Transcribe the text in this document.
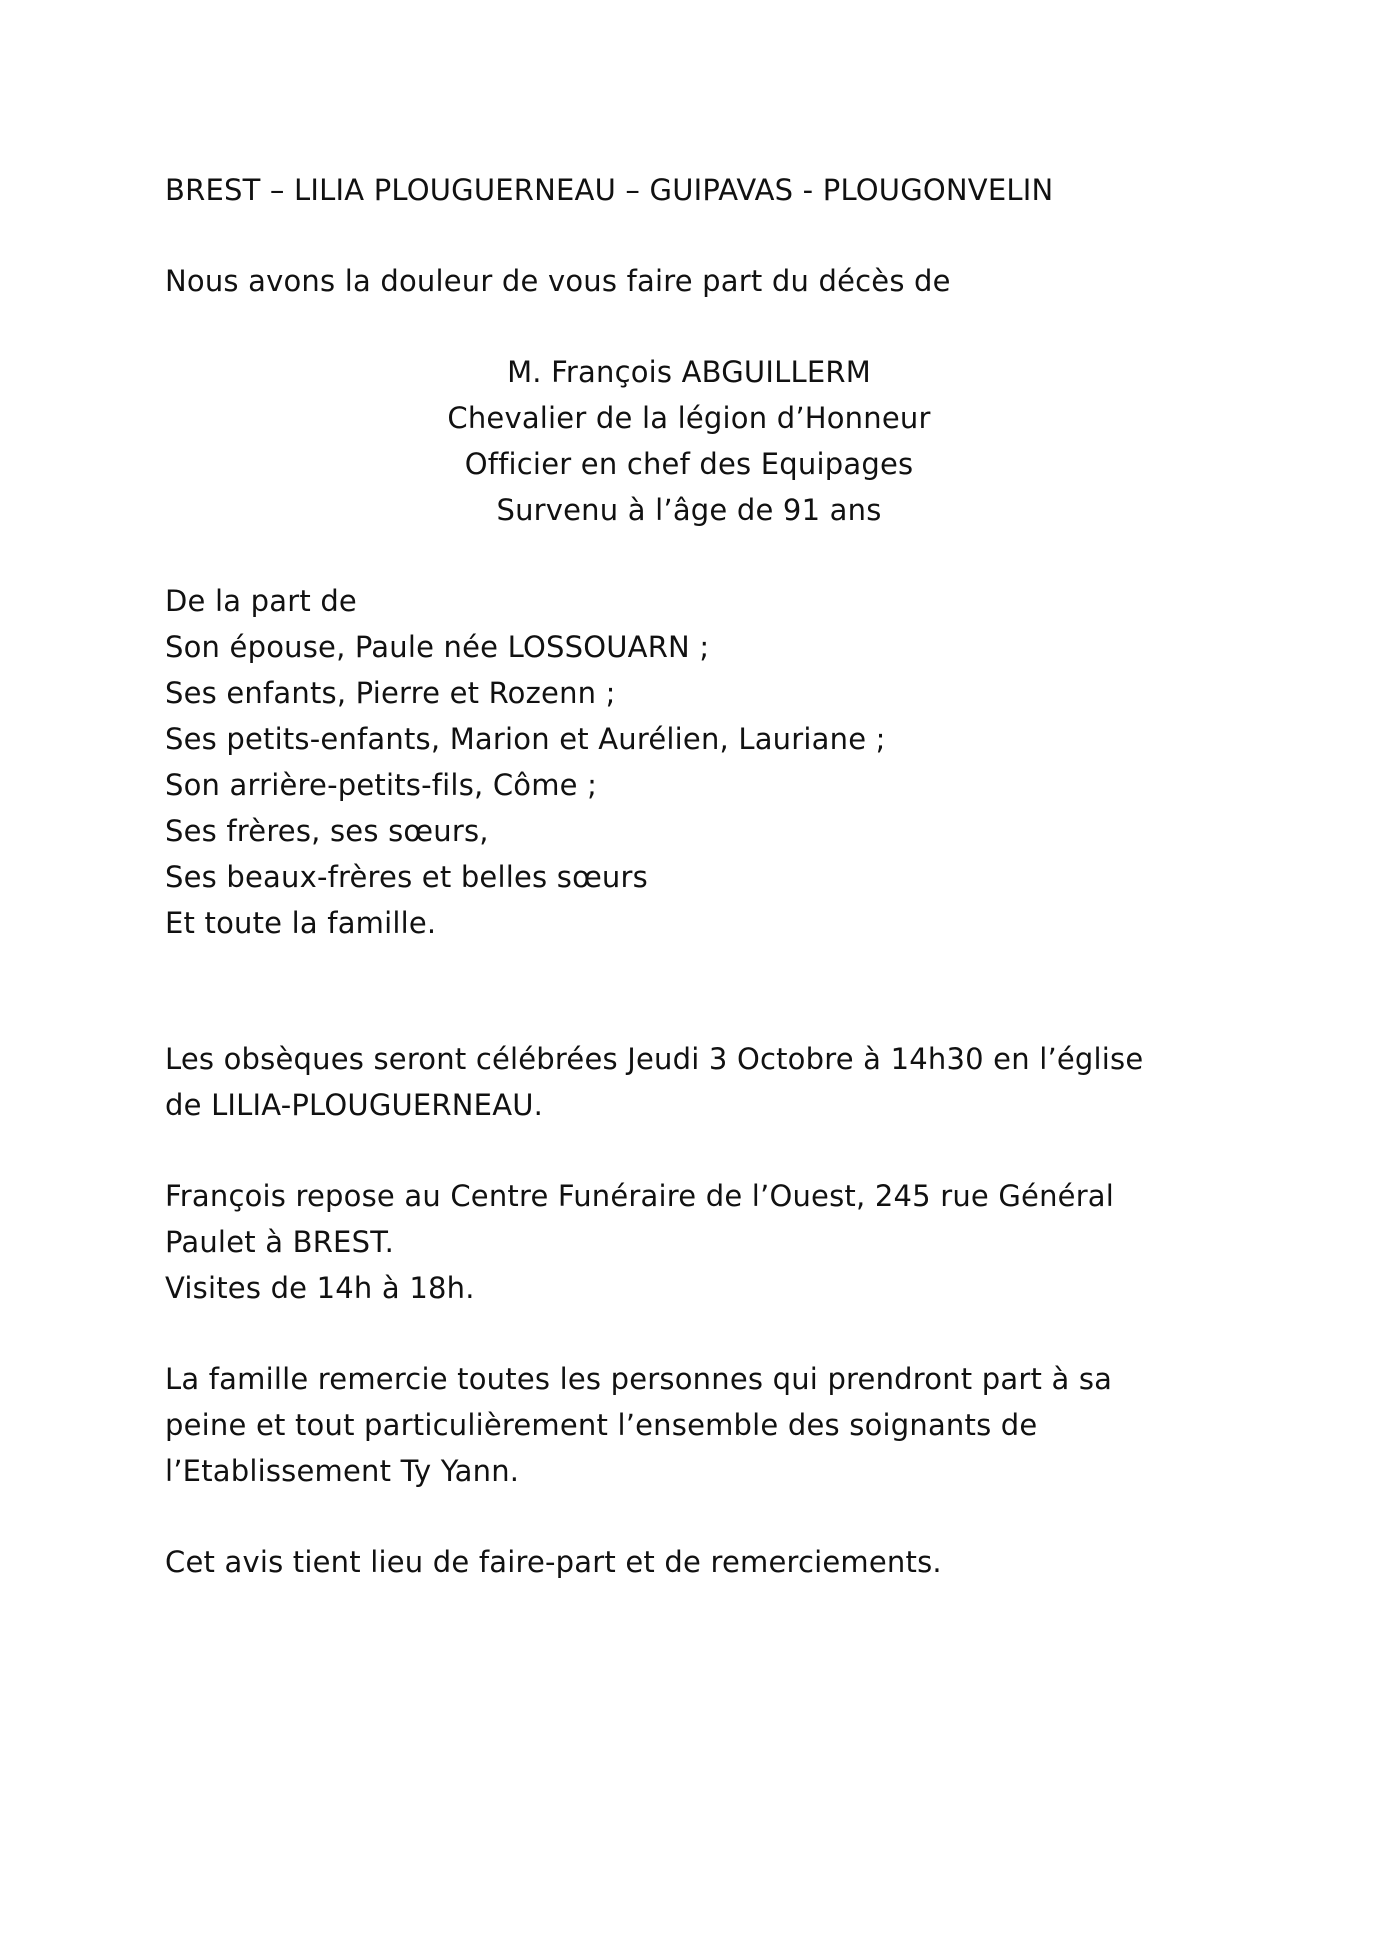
BREST – LILIA PLOUGUERNEAU – GUIPAVAS - PLOUGONVELIN
Nous avons la douleur de vous faire part du décès de
M. François ABGUILLERM
Chevalier de la légion d’Honneur
Officier en chef des Equipages
Survenu à l’âge de 91 ans
De la part de
Son épouse, Paule née LOSSOUARN ;
Ses enfants, Pierre et Rozenn ;
Ses petits-enfants, Marion et Aurélien, Lauriane ;
Son arrière-petits-fils, Côme ;
Ses frères, ses sœurs,
Ses beaux-frères et belles sœurs
Et toute la famille.
Les obsèques seront célébrées Jeudi 3 Octobre à 14h30 en l’église
de LILIA-PLOUGUERNEAU.
François repose au Centre Funéraire de l’Ouest, 245 rue Général
Paulet à BREST.
Visites de 14h à 18h.
La famille remercie toutes les personnes qui prendront part à sa
peine et tout particulièrement l’ensemble des soignants de
l’Etablissement Ty Yann.
Cet avis tient lieu de faire-part et de remerciements.
